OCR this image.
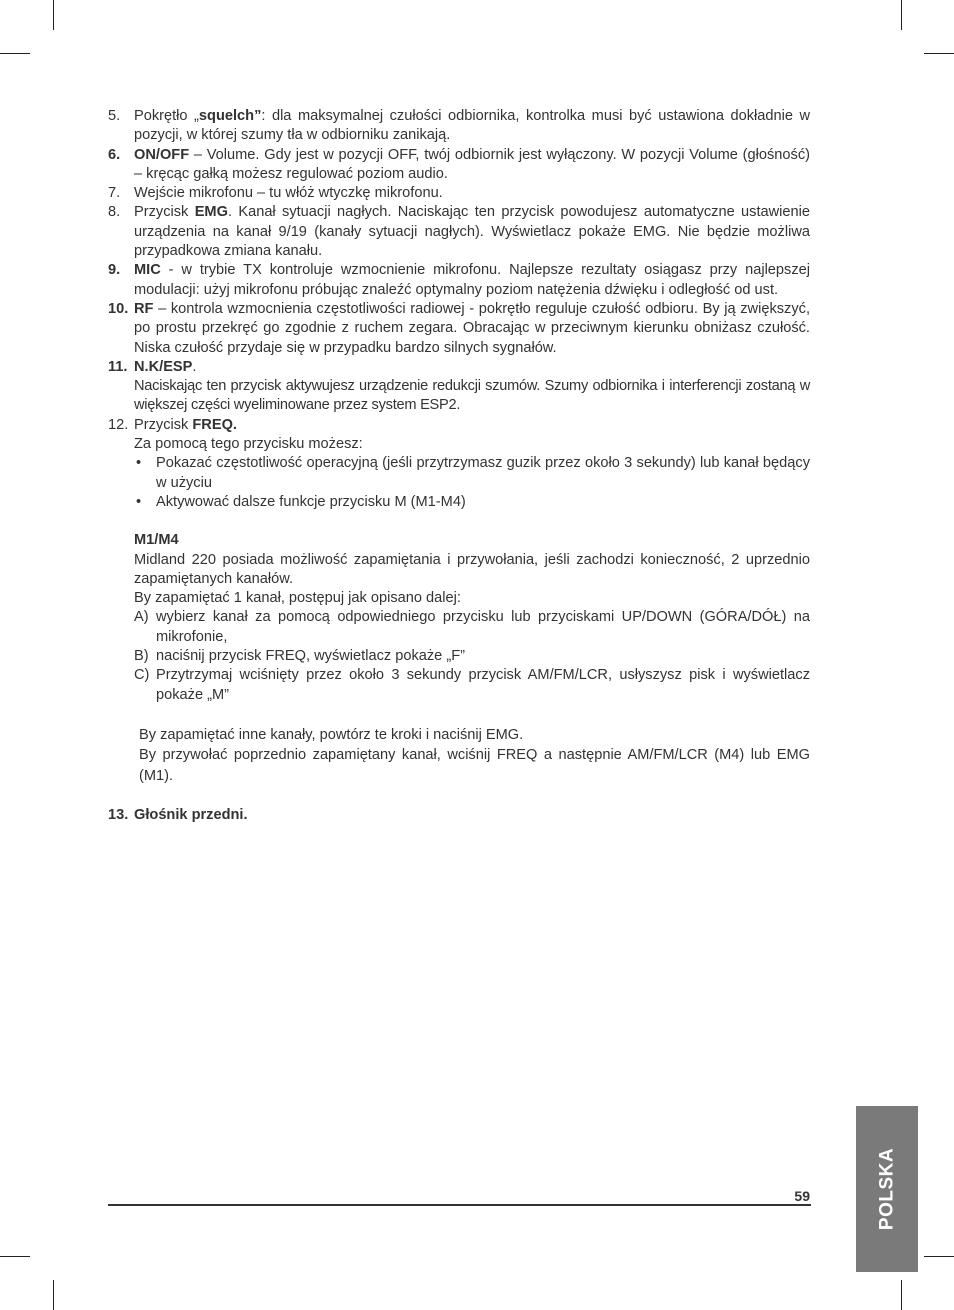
5. Pokrętło „squelch”: dla maksymalnej czułości odbiornika, kontrolka musi być ustawiona dokładnie w pozycji, w której szumy tła w odbiorniku zanikają.
6. ON/OFF – Volume. Gdy jest w pozycji OFF, twój odbiornik jest wyłączony. W pozycji Volume (głośność) – kręcąc gałką możesz regulować poziom audio.
7. Wejście mikrofonu – tu włóż wtyczkę mikrofonu.
8. Przycisk EMG. Kanał sytuacji nagłych. Naciskając ten przycisk powodujesz automatyczne ustawienie urządzenia na kanał 9/19 (kanały sytuacji nagłych). Wyświetlacz pokaże EMG. Nie będzie możliwa przypadkowa zmiana kanału.
9. MIC - w trybie TX kontroluje wzmocnienie mikrofonu. Najlepsze rezultaty osiągasz przy najlepszej modulacji: użyj mikrofonu próbując znaleźć optymalny poziom natężenia dźwięku i odległość od ust.
10. RF – kontrola wzmocnienia częstotliwości radiowej - pokrętło reguluje czułość odbioru. By ją zwiększyć, po prostu przekręć go zgodnie z ruchem zegara. Obracając w przeciwnym kierunku obniżasz czułość. Niska czułość przydaje się w przypadku bardzo silnych sygnałów.
11. N.K/ESP.
Naciskając ten przycisk aktywujesz urządzenie redukcji szumów. Szumy odbiornika i interferencji zostaną w większej części wyeliminowane przez system ESP2.
12. Przycisk FREQ.
Za pomocą tego przycisku możesz:
• Pokazać częstotliwość operacyjną (jeśli przytrzymasz guzik przez około 3 sekundy) lub kanał będący w użyciu
• Aktywować dalsze funkcje przycisku M (M1-M4)
M1/M4
Midland 220 posiada możliwość zapamiętania i przywołania, jeśli zachodzi konieczność, 2 uprzednio zapamiętanych kanałów.
By zapamiętać 1 kanał, postępuj jak opisano dalej:
A) wybierz kanał za pomocą odpowiedniego przycisku lub przyciskami UP/DOWN (GÓRA/DÓŁ) na mikrofonie,
B) naciśnij przycisk FREQ, wyświetlacz pokaże „F”
C) Przytrzymaj wciśnięty przez około 3 sekundy przycisk AM/FM/LCR, usłyszysz pisk i wyświetlacz pokaże „M”
By zapamiętać inne kanały, powtórz te kroki i naciśnij EMG.
By przywołać poprzednio zapamiętany kanał, wciśnij FREQ a następnie AM/FM/LCR (M4) lub EMG (M1).
13. Głośnik przedni.
59	POLSKA
